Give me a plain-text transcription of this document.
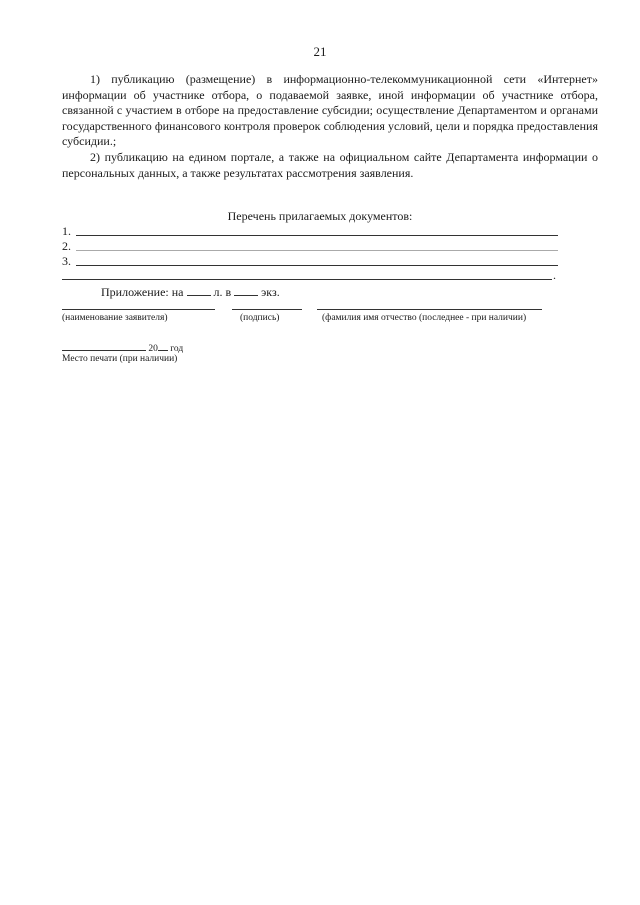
21
1) публикацию (размещение) в информационно-телекоммуникационной сети «Интернет» информации об участнике отбора, о подаваемой заявке, иной информации об участнике отбора, связанной с участием в отборе на предоставление субсидии; осуществление Департаментом и органами государственного финансового контроля проверок соблюдения условий, цели и порядка предоставления субсидии.;
2) публикацию на едином портале, а также на официальном сайте Департамента информации о персональных данных, а также результатах рассмотрения заявления.
Перечень прилагаемых документов:
1.
2.
3.
.
Приложение: на	л. в	экз.
(наименование заявителя)	(подпись)	(фамилия имя отчество (последнее - при наличии)
20 год
Место печати (при наличии)
